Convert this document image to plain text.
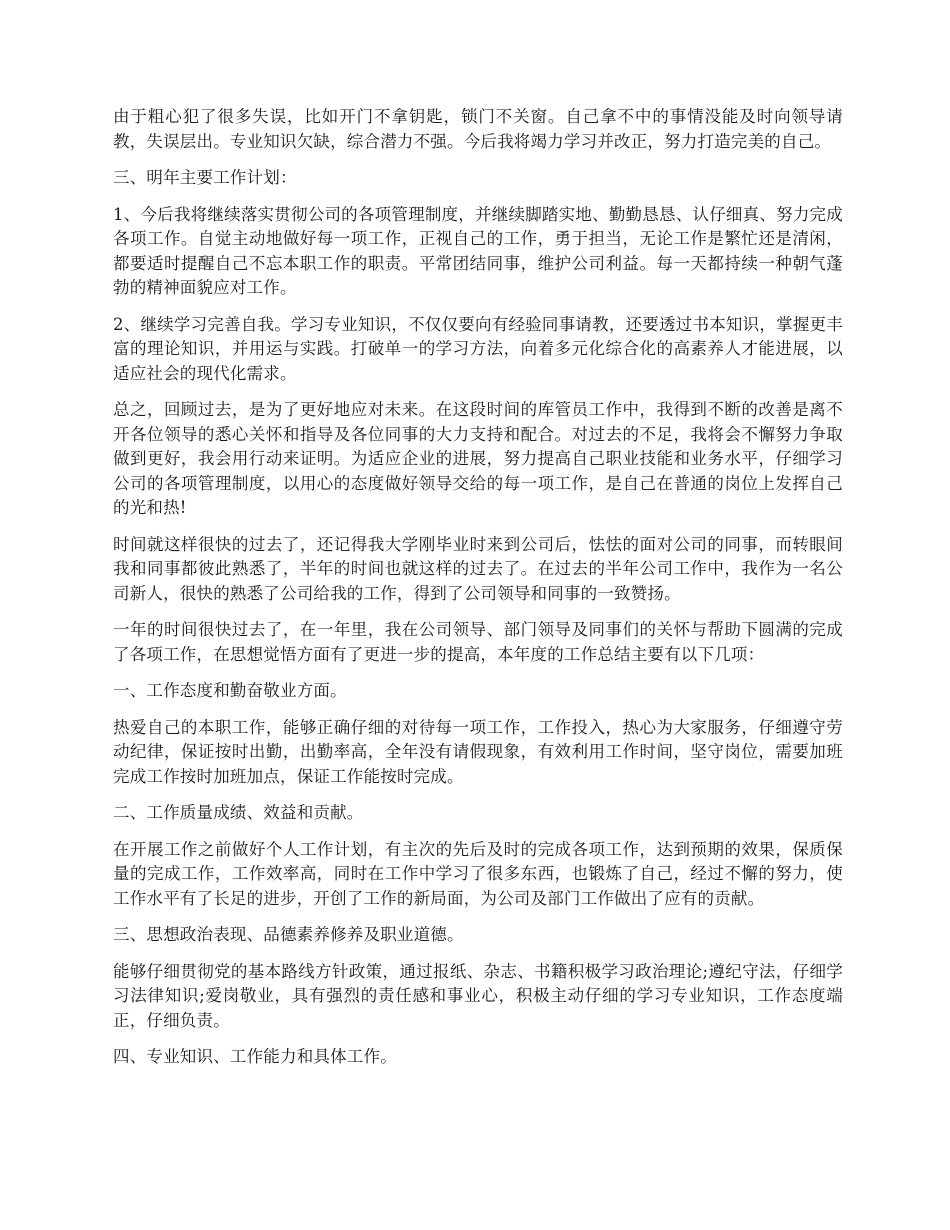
由于粗心犯了很多失误，比如开门不拿钥匙，锁门不关窗。自己拿不中的事情没能及时向领导请教，失误层出。专业知识欠缺，综合潜力不强。今后我将竭力学习并改正，努力打造完美的自己。

三、明年主要工作计划：

1、今后我将继续落实贯彻公司的各项管理制度，并继续脚踏实地、勤勤恳恳、认仔细真、努力完成各项工作。自觉主动地做好每一项工作，正视自己的工作，勇于担当，无论工作是繁忙还是清闲，都要适时提醒自己不忘本职工作的职责。平常团结同事，维护公司利益。每一天都持续一种朝气蓬勃的精神面貌应对工作。

2、继续学习完善自我。学习专业知识，不仅仅要向有经验同事请教，还要透过书本知识，掌握更丰富的理论知识，并用运与实践。打破单一的学习方法，向着多元化综合化的高素养人才能进展，以适应社会的现代化需求。

总之，回顾过去，是为了更好地应对未来。在这段时间的库管员工作中，我得到不断的改善是离不开各位领导的悉心关怀和指导及各位同事的大力支持和配合。对过去的不足，我将会不懈努力争取做到更好，我会用行动来证明。为适应企业的进展，努力提高自己职业技能和业务水平，仔细学习公司的各项管理制度，以用心的态度做好领导交给的每一项工作，是自己在普通的岗位上发挥自己的光和热!

时间就这样很快的过去了，还记得我大学刚毕业时来到公司后，怯怯的面对公司的同事，而转眼间我和同事都彼此熟悉了，半年的时间也就这样的过去了。在过去的半年公司工作中，我作为一名公司新人，很快的熟悉了公司给我的工作，得到了公司领导和同事的一致赞扬。

一年的时间很快过去了，在一年里，我在公司领导、部门领导及同事们的关怀与帮助下圆满的完成了各项工作，在思想觉悟方面有了更进一步的提高，本年度的工作总结主要有以下几项：

一、工作态度和勤奋敬业方面。

热爱自己的本职工作，能够正确仔细的对待每一项工作，工作投入，热心为大家服务，仔细遵守劳动纪律，保证按时出勤，出勤率高，全年没有请假现象，有效利用工作时间，坚守岗位，需要加班完成工作按时加班加点，保证工作能按时完成。

二、工作质量成绩、效益和贡献。

在开展工作之前做好个人工作计划，有主次的先后及时的完成各项工作，达到预期的效果，保质保量的完成工作，工作效率高，同时在工作中学习了很多东西，也锻炼了自己，经过不懈的努力，使工作水平有了长足的进步，开创了工作的新局面，为公司及部门工作做出了应有的贡献。

三、思想政治表现、品德素养修养及职业道德。

能够仔细贯彻党的基本路线方针政策，通过报纸、杂志、书籍积极学习政治理论;遵纪守法，仔细学习法律知识;爱岗敬业，具有强烈的责任感和事业心，积极主动仔细的学习专业知识，工作态度端正，仔细负责。

四、专业知识、工作能力和具体工作。
